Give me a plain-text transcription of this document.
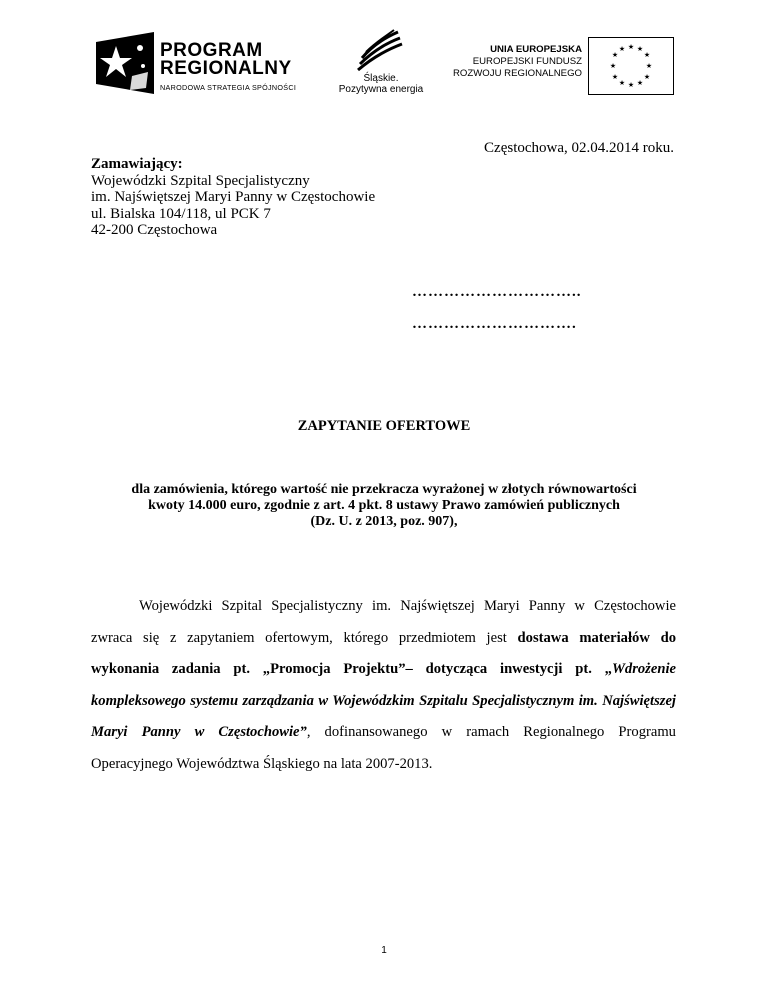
PROGRAM
REGIONALNY
NARODOWA STRATEGIA SPÓJNOŚCI
Śląskie.
Pozytywna energia
UNIA EUROPEJSKA
EUROPEJSKI FUNDUSZ
ROZWOJU REGIONALNEGO
★ ★
★
★
★
★
★
★
★
★
★
★
Częstochowa, 02.04.2014 roku.
Zamawiający:
Wojewódzki Szpital Specjalistyczny
im. Najświętszej Maryi Panny w Częstochowie
ul. Bialska 104/118, ul PCK 7
42-200 Częstochowa
…………………………..
………………………….
ZAPYTANIE OFERTOWE
dla zamówienia, którego wartość nie przekracza wyrażonej w złotych równowartości
kwoty 14.000 euro, zgodnie z art. 4 pkt. 8 ustawy Prawo zamówień publicznych
(Dz. U. z 2013, poz. 907),
Wojewódzki Szpital Specjalistyczny im. Najświętszej Maryi Panny w Częstochowie zwraca się z zapytaniem ofertowym, którego przedmiotem jest dostawa materiałów do wykonania zadania pt. „Promocja Projektu”– dotycząca inwestycji pt. „Wdrożenie kompleksowego systemu zarządzania w Wojewódzkim Szpitalu Specjalistycznym im. Najświętszej Maryi Panny w Częstochowie”, dofinansowanego w ramach Regionalnego Programu Operacyjnego Województwa Śląskiego na lata 2007-2013.
1
